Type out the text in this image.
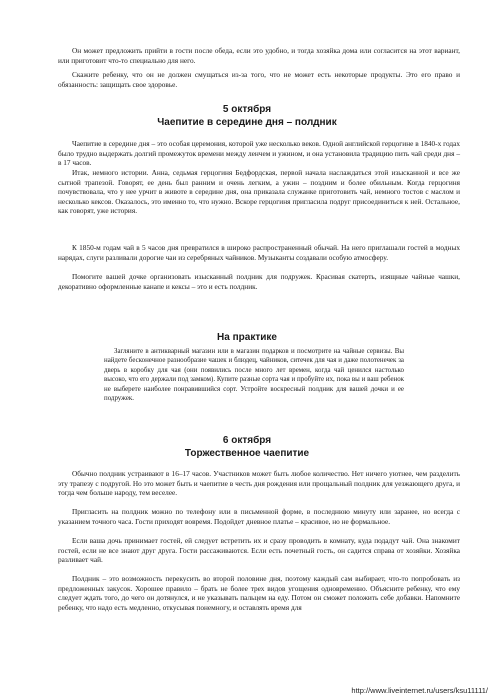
Он может предложить прийти в гости после обеда, если это удобно, и тогда хозяйка дома или согласится на этот вариант, или приготовит что-то специально для него.

Скажите ребенку, что он не должен смущаться из-за того, что не может есть некоторые продукты. Это его право и обязанность: защищать свое здоровье.

5 октября
Чаепитие в середине дня – полдник

Чаепитие в середине дня – это особая церемония, которой уже несколько веков. Одной английской герцогине в 1840-х годах было трудно выдержать долгий промежуток времени между ленчем и ужином, и она установила традицию пить чай среди дня – в 17 часов.

Итак, немного истории. Анна, седьмая герцогиня Бедфордская, первой начала наслаждаться этой изысканной и все же сытной трапезой. Говорят, ее день был ранним и очень легким, а ужин – поздним и более обильным. Когда герцогиня почувствовала, что у нее урчит в животе в середине дня, она приказала служанке приготовить чай, немного тостов с маслом и несколько кексов. Оказалось, это именно то, что нужно. Вскоре герцогиня пригласила подруг присоединиться к ней. Остальное, как говорят, уже история.

К 1850-м годам чай в 5 часов дня превратился в широко распространенный обычай. На него приглашали гостей в модных нарядах, слуги разливали дорогие чаи из серебряных чайников. Музыканты создавали особую атмосферу.

Помогите вашей дочке организовать изысканный полдник для подружек. Красивая скатерть, изящные чайные чашки, декоративно оформленные канапе и кексы – это и есть полдник.

На практике

Загляните в антикварный магазин или в магазин подарков и посмотрите на чайные сервизы. Вы найдете бесконечное разнообразие чашек и блюдец, чайников, ситечек для чая и даже полотенечек за дверь в коробку для чая (они появились после много лет времен, когда чай ценился настолько высоко, что его держали под замком). Купите разные сорта чая и пробуйте их, пока вы и ваш ребенок не выберете наиболее понравившийся сорт. Устройте воскресный полдник для вашей дочки и ее подружек.

6 октября
Торжественное чаепитие

Обычно полдник устраивают в 16–17 часов. Участников может быть любое количество. Нет ничего уютнее, чем разделить эту трапезу с подругой. Но это может быть и чаепитие в честь дня рождения или прощальный полдник для уезжающего друга, и тогда чем больше народу, тем веселее.

Пригласить на полдник можно по телефону или в письменной форме, в последнюю минуту или заранее, но всегда с указанием точного часа. Гости приходят вовремя. Подойдет дневное платье – красивое, но не формальное.

Если ваша дочь принимает гостей, ей следует встретить их и сразу проводить в комнату, куда подадут чай. Она знакомит гостей, если не все знают друг друга. Гости рассаживаются. Если есть почетный гость, он садится справа от хозяйки. Хозяйка разливает чай.

Полдник – это возможность перекусить во второй половине дня, поэтому каждый сам выбирает, что-то попробовать из предложенных закусок. Хорошее правило – брать не более трех видов угощения одновременно. Объясните ребенку, что ему следует ждать того, до чего он дотянулся, и не указывать пальцем на еду. Потом он сможет положить себе добавки. Напомните ребенку, что надо есть медленно, откусывая понемногу, и оставлять время для

http://www.liveinternet.ru/users/ksu11111/
